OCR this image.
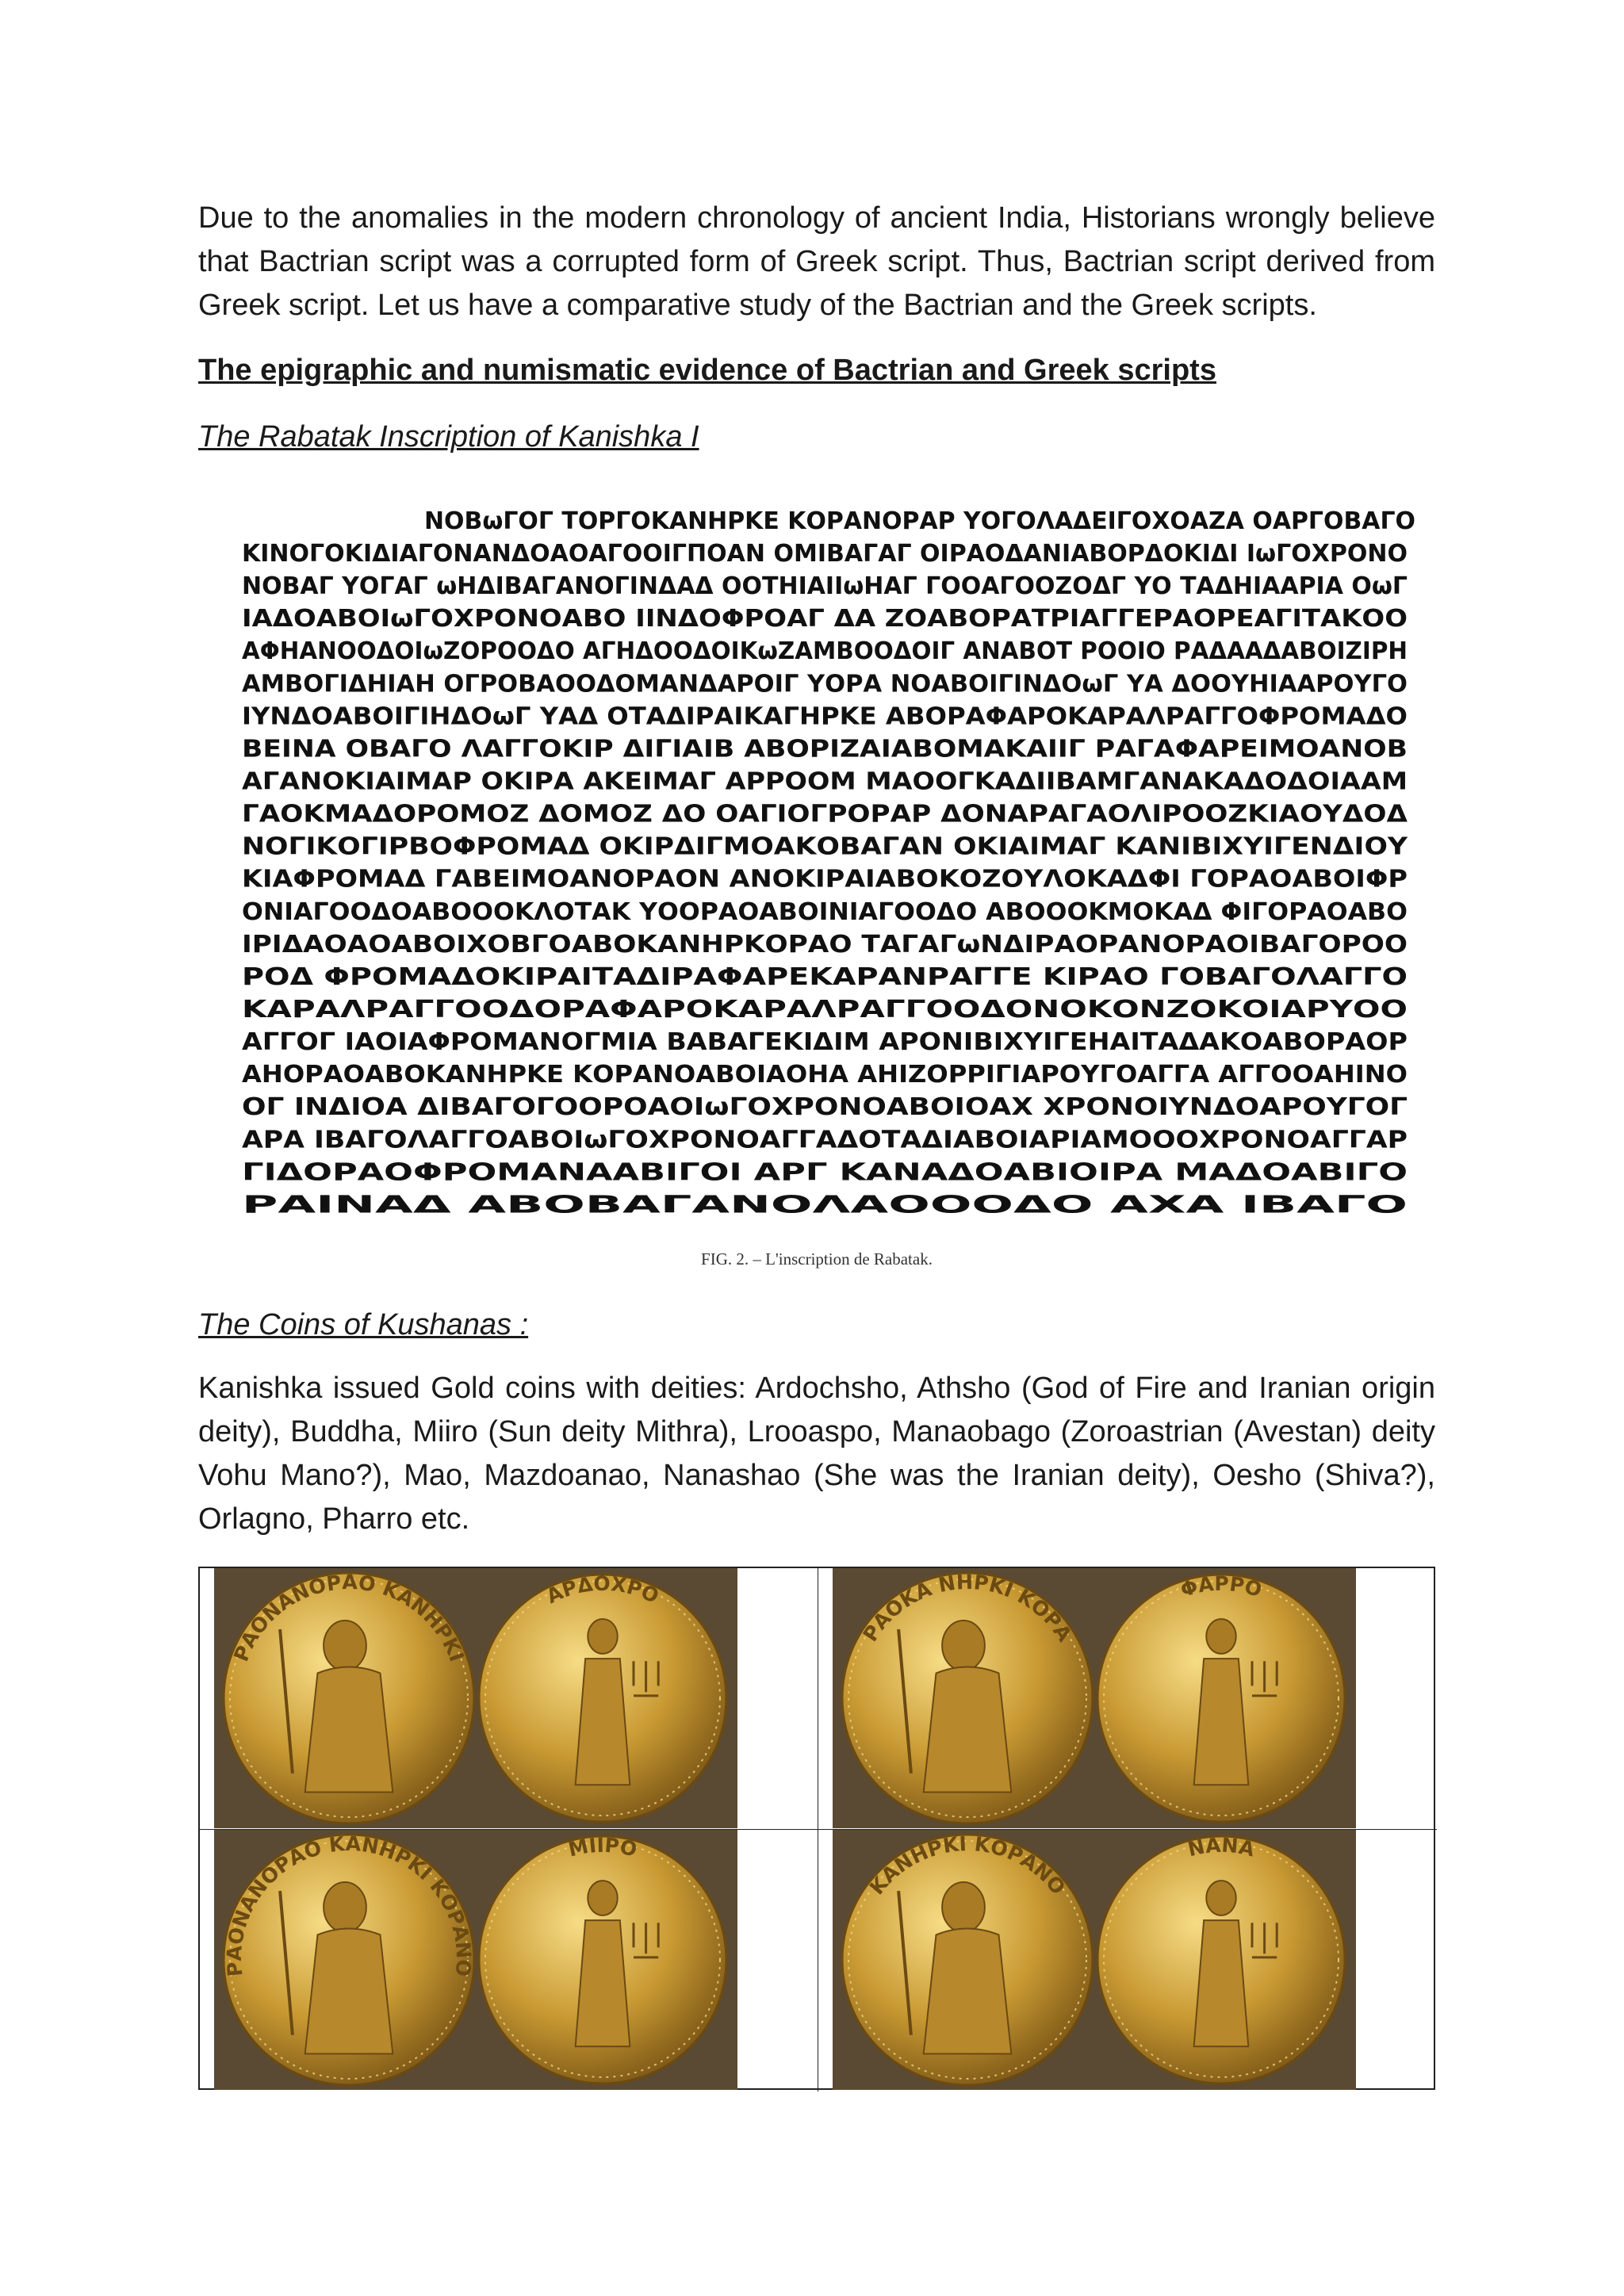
Due to the anomalies in the modern chronology of ancient India, Historians wrongly believe that Bactrian script was a corrupted form of Greek script. Thus, Bactrian script derived from Greek script. Let us have a comparative study of the Bactrian and the Greek scripts.

The epigraphic and numismatic evidence of Bactrian and Greek scripts

The Rabatak Inscription of Kanishka I

ΝΟΒωΓΟΓ ΤΟΡΓΟΚΑΝΗΡΚΕ ΚΟΡΑΝΟΡΑΡ ΥΟΓΟΛΑΔΕΙΓΟΧΟΑΖΑ ΟΑΡΓΟΒΑΓΟ
ΚΙΝΟΓΟΚΙΔΙΑΓΟΝΑΝΔΟΑΟΑΓΟΟΙΓΠΟΑΝ ΟΜΙΒΑΓΑΓ ΟΙΡΑΟΔΑΝΙΑΒΟΡΔΟΚΙΔΙ ΙωΓΟΧΡΟΝΟ
ΝΟΒΑΓ ΥΟΓΑΓ ωΗΔΙΒΑΓΑΝΟΓΙΝΔΑΔ ΟΟΤΗΙΑΙΙωΗΑΓ ΓΟΟΑΓΟΟΖΟΔΓ ΥΟ ΤΑΔΗΙΑΑΡΙΑ ΟωΓ
ΙΑΔΟΑΒΟΙωΓΟΧΡΟΝΟΑΒΟ ΙΙΝΔΟΦΡΟΑΓ ΔΑ ΖΟΑΒΟΡΑΤΡΙΑΓΓΕΡΑΟΡΕΑΓΙΤΑΚΟΟ
ΑΦΗΑΝΟΟΔΟΙωΖΟΡΟΟΔΟ ΑΓΗΔΟΟΔΟΙΚωΖΑΜΒΟΟΔΟΙΓ ΑΝΑΒΟΤ ΡΟΟΙΟ ΡΑΔΑΑΔΑΒΟΙΖΙΡΗ
ΑΜΒΟΓΙΔΗΙΑΗ ΟΓΡΟΒΑΟΟΔΟΜΑΝΔΑΡΟΙΓ ΥΟΡΑ ΝΟΑΒΟΙΓΙΝΔΟωΓ ΥΑ ΔΟΟΥΗΙΑΑΡΟΥΓΟ
ΙΥΝΔΟΑΒΟΙΓΙΗΔΟωΓ ΥΑΔ ΟΤΑΔΙΡΑΙΚΑΓΗΡΚΕ ΑΒΟΡΑΦΑΡΟΚΑΡΑΛΡΑΓΓΟΦΡΟΜΑΔΟ
ΒΕΙΝΑ ΟΒΑΓΟ ΛΑΓΓΟΚΙΡ ΔΙΓΙΑΙΒ ΑΒΟΡΙΖΑΙΑΒΟΜΑΚΑΙΙΓ ΡΑΓΑΦΑΡΕΙΜΟΑΝΟΒ
ΑΓΑΝΟΚΙΑΙΜΑΡ ΟΚΙΡΑ ΑΚΕΙΜΑΓ ΑΡΡΟΟΜ ΜΑΟΟΓΚΑΔΙΙΒΑΜΓΑΝΑΚΑΔΟΔΟΙΑΑΜ
ΓΑΟΚΜΑΔΟΡΟΜΟΖ ΔΟΜΟΖ ΔΟ ΟΑΓΙΟΓΡΟΡΑΡ ΔΟΝΑΡΑΓΑΟΛΙΡΟΟΖΚΙΑΟΥΔΟΔ
ΝΟΓΙΚΟΓΙΡΒΟΦΡΟΜΑΔ ΟΚΙΡΔΙΓΜΟΑΚΟΒΑΓΑΝ ΟΚΙΑΙΜΑΓ ΚΑΝΙΒΙΧΥΙΓΕΝΔΙΟΥ
ΚΙΑΦΡΟΜΑΔ ΓΑΒΕΙΜΟΑΝΟΡΑΟΝ ΑΝΟΚΙΡΑΙΑΒΟΚΟΖΟΥΛΟΚΑΔΦΙ ΓΟΡΑΟΑΒΟΙΦΡ
ΟΝΙΑΓΟΟΔΟΑΒΟΟΟΚΛΟΤΑΚ ΥΟΟΡΑΟΑΒΟΙΝΙΑΓΟΟΔΟ ΑΒΟΟΟΚΜΟΚΑΔ ΦΙΓΟΡΑΟΑΒΟ
ΙΡΙΔΑΟΑΟΑΒΟΙΧΟΒΓΟΑΒΟΚΑΝΗΡΚΟΡΑΟ ΤΑΓΑΓωΝΔΙΡΑΟΡΑΝΟΡΑΟΙΒΑΓΟΡΟΟ
ΡΟΔ ΦΡΟΜΑΔΟΚΙΡΑΙΤΑΔΙΡΑΦΑΡΕΚΑΡΑΝΡΑΓΓΕ ΚΙΡΑΟ ΓΟΒΑΓΟΛΑΓΓΟ
ΚΑΡΑΛΡΑΓΓΟΟΔΟΡΑΦΑΡΟΚΑΡΑΛΡΑΓΓΟΟΔΟΝΟΚΟΝΖΟΚΟΙΑΡΥΟΟ
ΑΓΓΟΓ ΙΑΟΙΑΦΡΟΜΑΝΟΓΜΙΑ ΒΑΒΑΓΕΚΙΔΙΜ ΑΡΟΝΙΒΙΧΥΙΓΕΗΑΙΤΑΔΑΚΟΑΒΟΡΑΟΡ
ΑΗΟΡΑΟΑΒΟΚΑΝΗΡΚΕ ΚΟΡΑΝΟΑΒΟΙΑΟΗΑ ΑΗΙΖΟΡΡΙΓΙΑΡΟΥΓΟΑΓΓΑ ΑΓΓΟΟΑΗΙΝΟ
ΟΓ ΙΝΔΙΟΑ ΔΙΒΑΓΟΓΟΟΡΟΑΟΙωΓΟΧΡΟΝΟΑΒΟΙΟΑΧ ΧΡΟΝΟΙΥΝΔΟΑΡΟΥΓΟΓ
ΑΡΑ ΙΒΑΓΟΛΑΓΓΟΑΒΟΙωΓΟΧΡΟΝΟΑΓΓΑΔΟΤΑΔΙΑΒΟΙΑΡΙΑΜΟΟΟΧΡΟΝΟΑΓΓΑΡ
ΓΙΔΟΡΑΟΦΡΟΜΑΝΑΑΒΙΓΟΙ ΑΡΓ ΚΑΝΑΔΟΑΒΙΟΙΡΑ ΜΑΔΟΑΒΙΓΟ
ΡΑΙΝΑΔ ΑΒΟΒΑΓΑΝΟΛΑΟΟΟΔΟ ΑΧΑ ΙΒΑΓΟ
FIG. 2. – L'inscription de Rabatak.

The Coins of Kushanas :

Kanishka issued Gold coins with deities: Ardochsho, Athsho (God of Fire and Iranian origin deity), Buddha, Miiro (Sun deity Mithra), Lrooaspo, Manaobago (Zoroastrian (Avestan) deity Vohu Mano?), Mao, Mazdoanao, Nanashao (She was the Iranian deity), Oesho (Shiva?), Orlagno, Pharro etc.

ΡΑΟΝΑΝΟΡΑΟ ΚΑΝΗΡΚΙ
ΑΡΔΟΧΡΟ
ΡΑΟΚΑ ΝΗΡΚΙ ΚΟΡΑ
ΦΑΡΡΟ
ΡΑΟΝΑΝΟΡΑΟ ΚΑΝΗΡΚΙ ΚΟΡΑΝΟ
ΜΙΙΡΟ
ΚΑΝΗΡΚΙ ΚΟΡΑΝΟ
ΝΑΝΑ
